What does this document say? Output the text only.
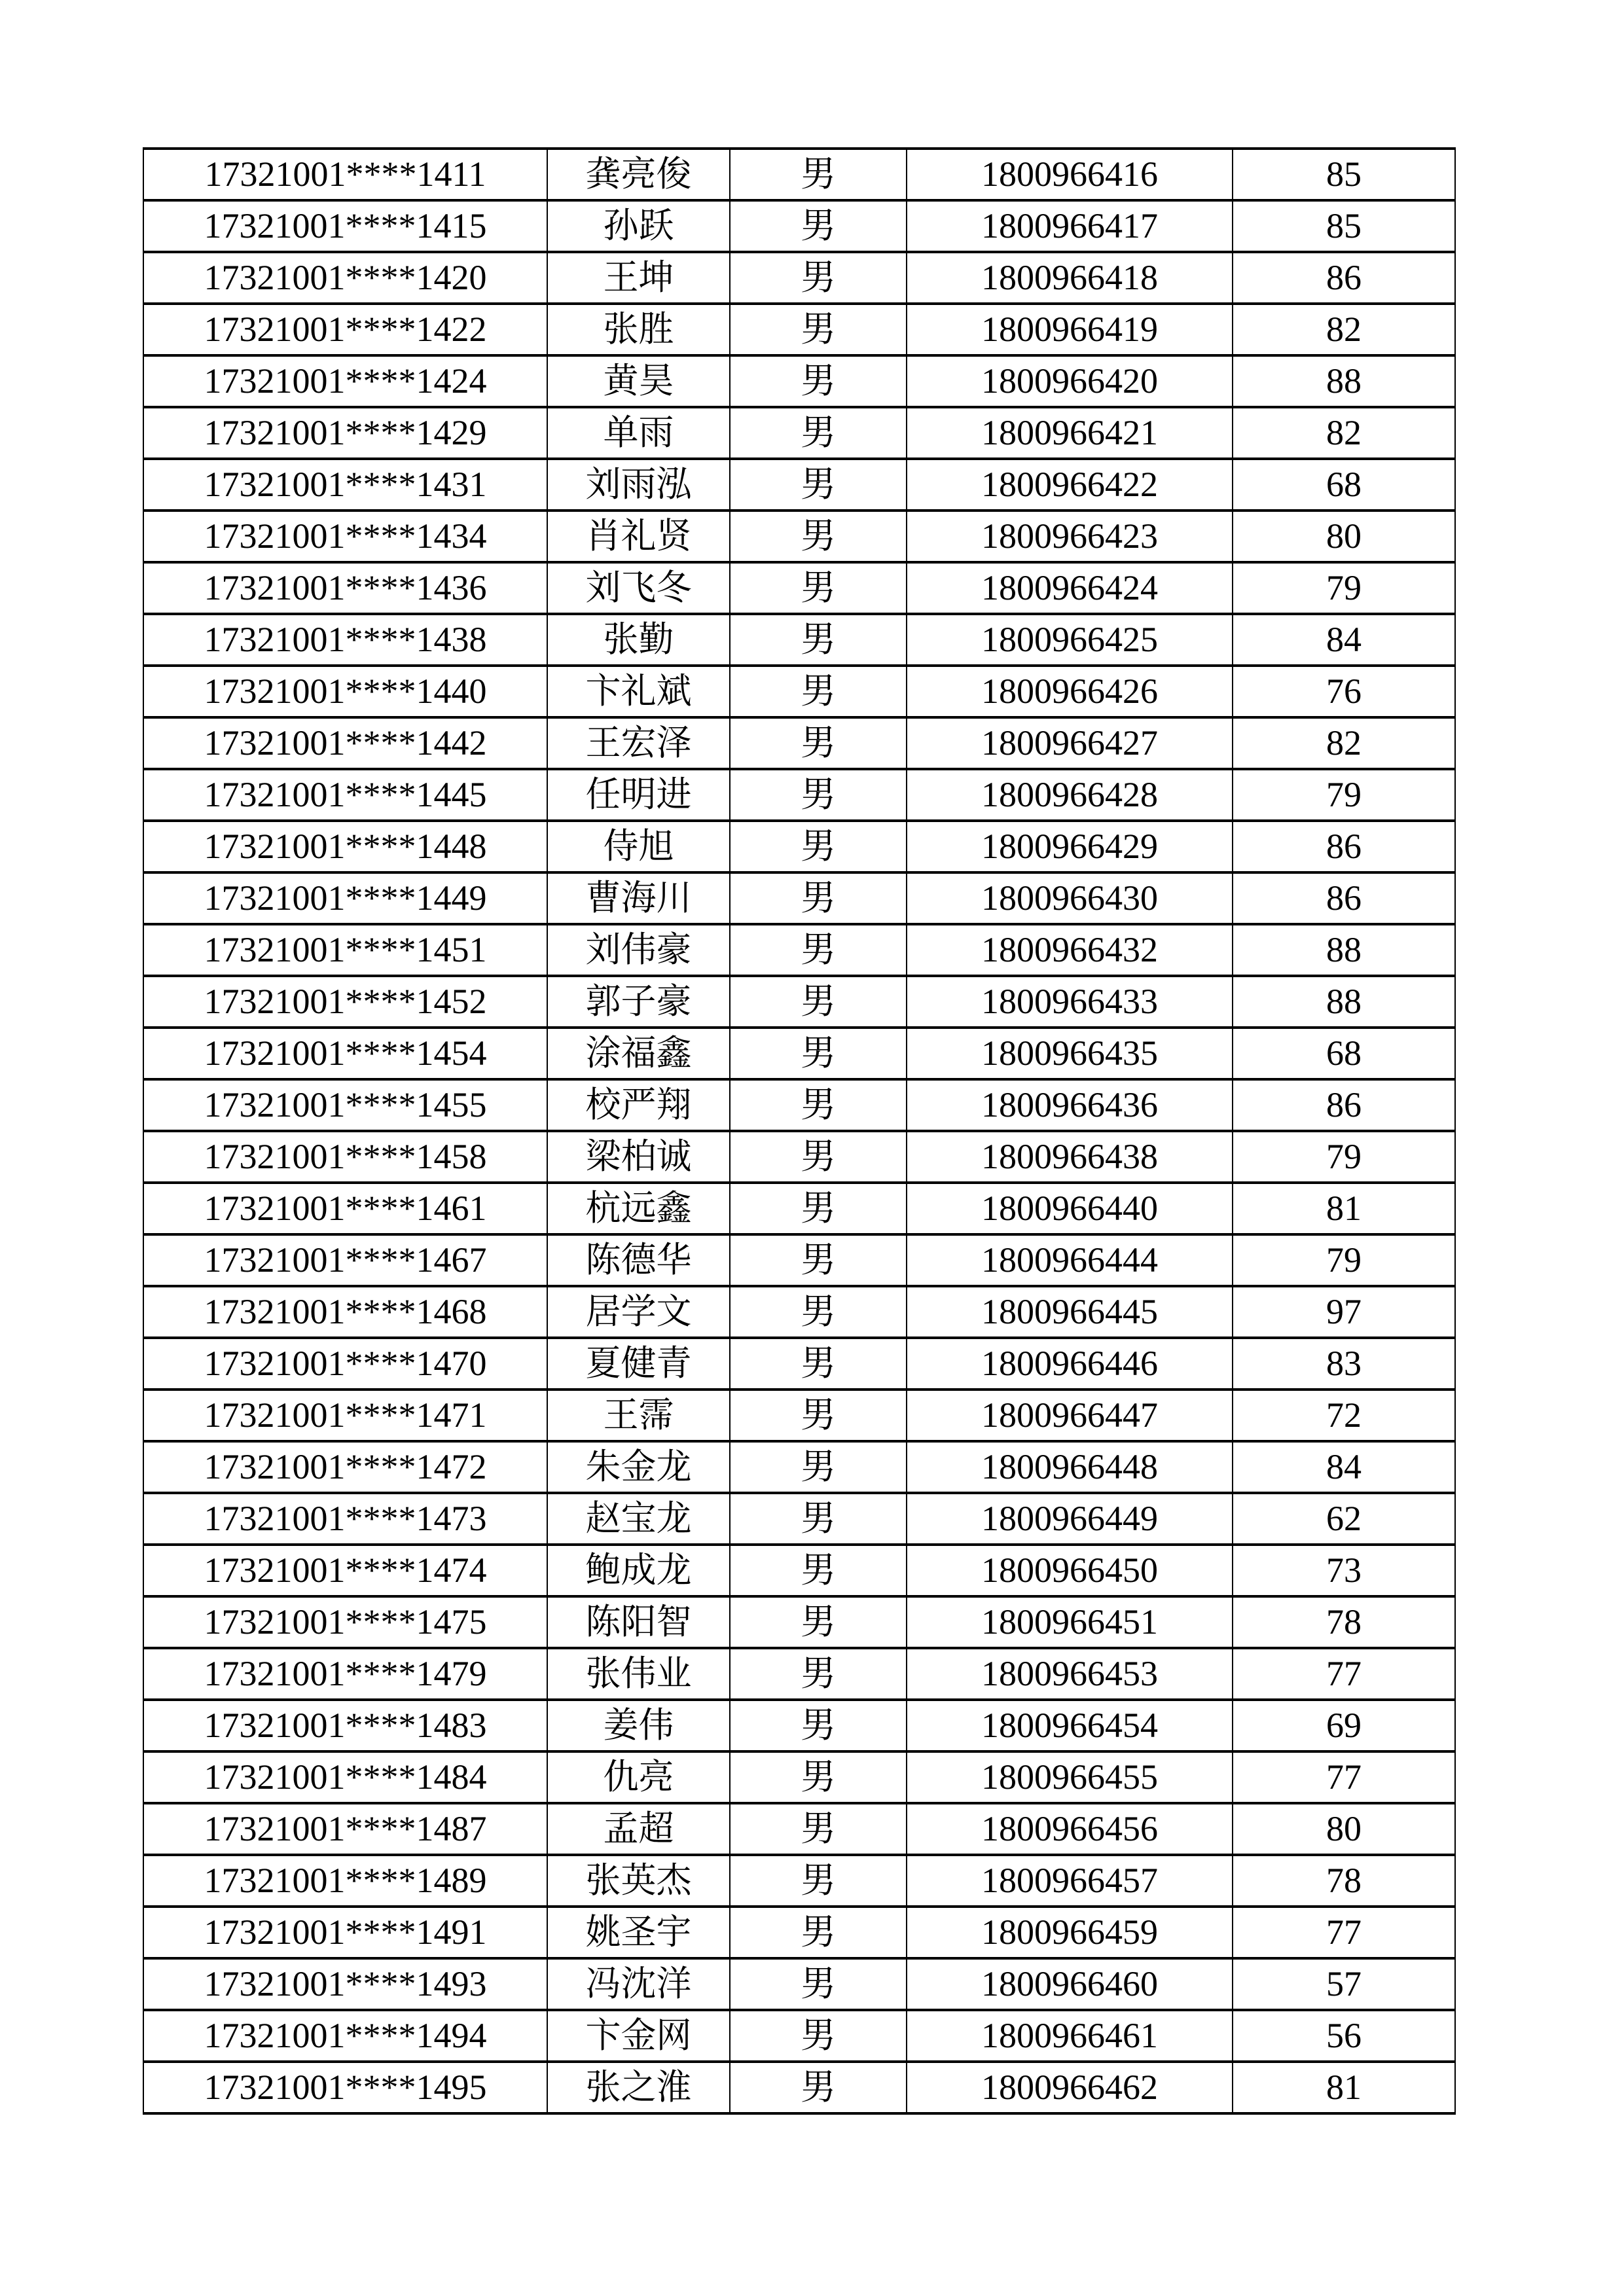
17321001****1411	龚亮俊	男	1800966416	85
17321001****1415	孙跃	男	1800966417	85
17321001****1420	王坤	男	1800966418	86
17321001****1422	张胜	男	1800966419	82
17321001****1424	黄昊	男	1800966420	88
17321001****1429	单雨	男	1800966421	82
17321001****1431	刘雨泓	男	1800966422	68
17321001****1434	肖礼贤	男	1800966423	80
17321001****1436	刘飞冬	男	1800966424	79
17321001****1438	张勤	男	1800966425	84
17321001****1440	卞礼斌	男	1800966426	76
17321001****1442	王宏泽	男	1800966427	82
17321001****1445	任明进	男	1800966428	79
17321001****1448	侍旭	男	1800966429	86
17321001****1449	曹海川	男	1800966430	86
17321001****1451	刘伟豪	男	1800966432	88
17321001****1452	郭子豪	男	1800966433	88
17321001****1454	涂福鑫	男	1800966435	68
17321001****1455	校严翔	男	1800966436	86
17321001****1458	梁柏诚	男	1800966438	79
17321001****1461	杭远鑫	男	1800966440	81
17321001****1467	陈德华	男	1800966444	79
17321001****1468	居学文	男	1800966445	97
17321001****1470	夏健青	男	1800966446	83
17321001****1471	王霈	男	1800966447	72
17321001****1472	朱金龙	男	1800966448	84
17321001****1473	赵宝龙	男	1800966449	62
17321001****1474	鲍成龙	男	1800966450	73
17321001****1475	陈阳智	男	1800966451	78
17321001****1479	张伟业	男	1800966453	77
17321001****1483	姜伟	男	1800966454	69
17321001****1484	仇亮	男	1800966455	77
17321001****1487	孟超	男	1800966456	80
17321001****1489	张英杰	男	1800966457	78
17321001****1491	姚圣宇	男	1800966459	77
17321001****1493	冯沈洋	男	1800966460	57
17321001****1494	卞金网	男	1800966461	56
17321001****1495	张之淮	男	1800966462	81
